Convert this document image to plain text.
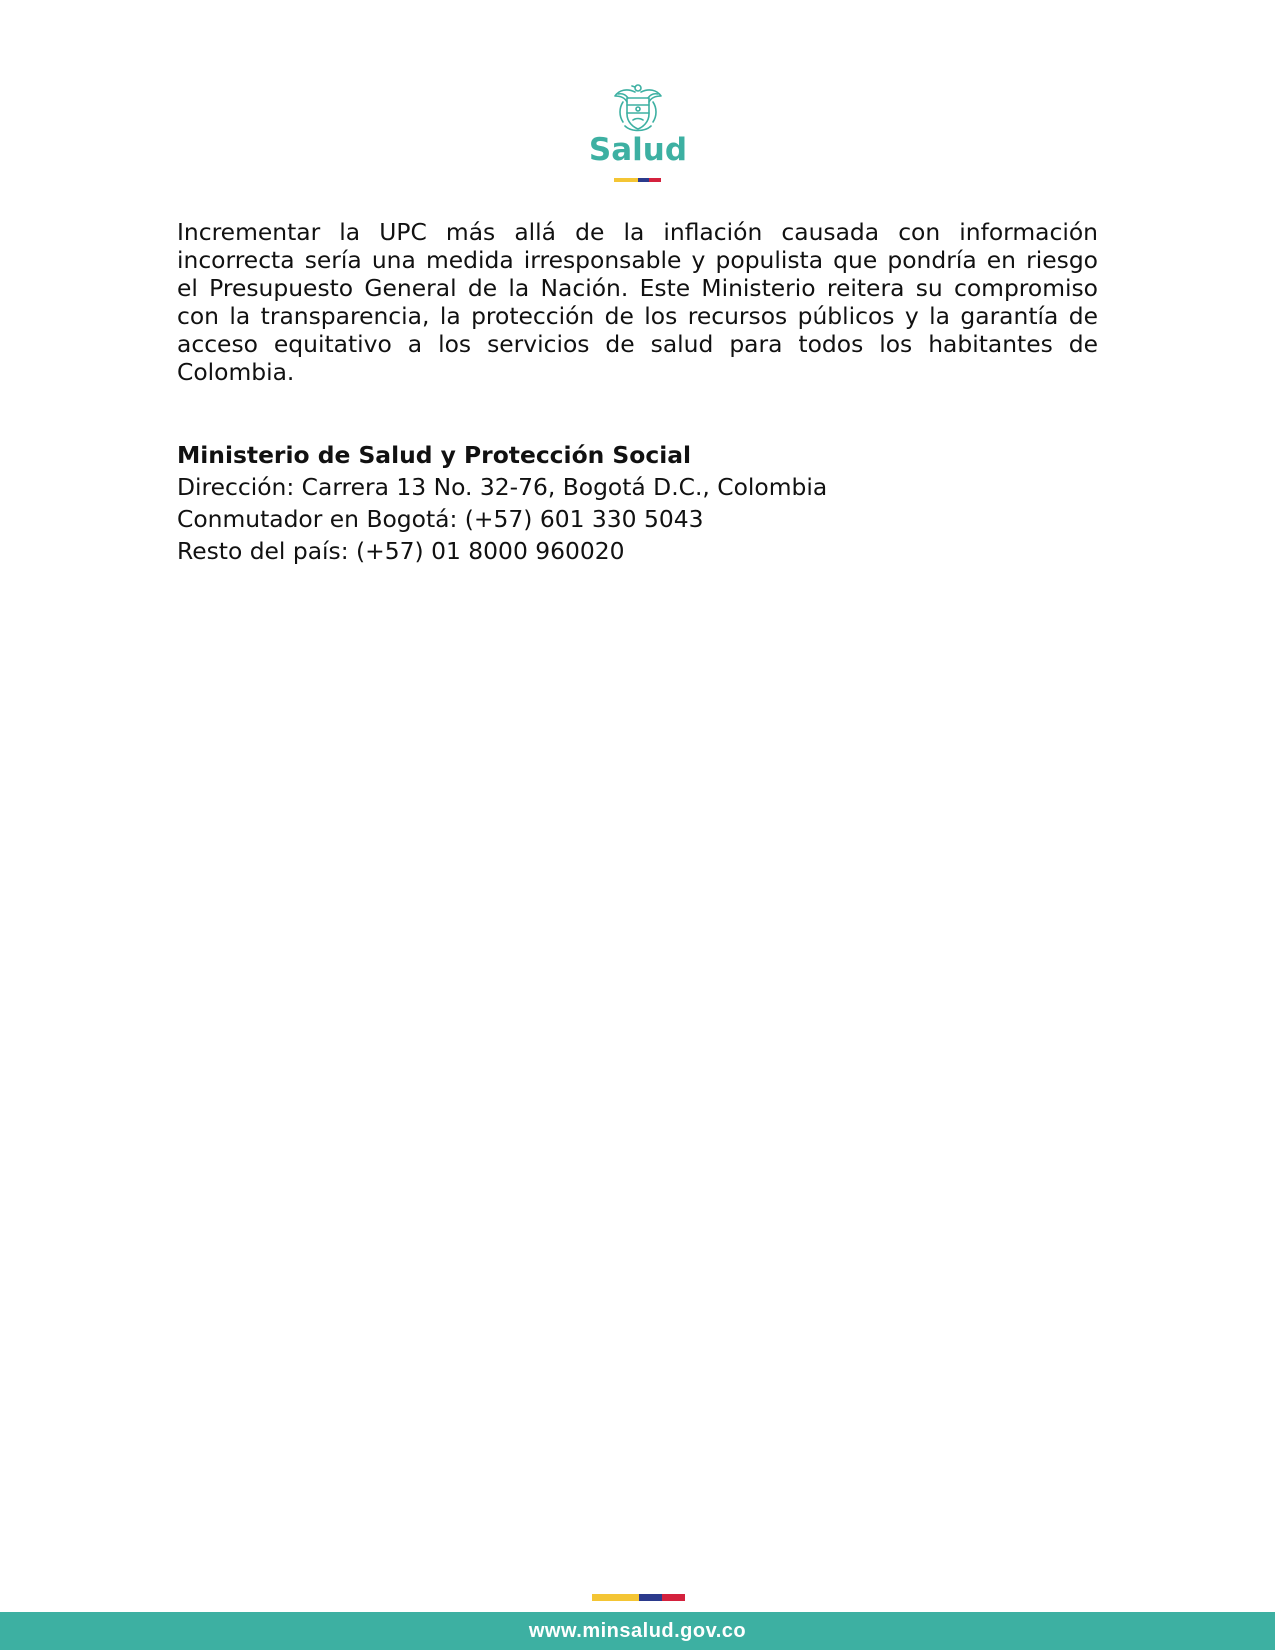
Salud

Incrementar la UPC más allá de la inflación causada con información incorrecta sería una medida irresponsable y populista que pondría en riesgo el Presupuesto General de la Nación. Este Ministerio reitera su compromiso con la transparencia, la protección de los recursos públicos y la garantía de acceso equitativo a los servicios de salud para todos los habitantes de Colombia.

Ministerio de Salud y Protección Social
Dirección: Carrera 13 No. 32-76, Bogotá D.C., Colombia
Conmutador en Bogotá: (+57) 601 330 5043
Resto del país: (+57) 01 8000 960020
www.minsalud.gov.co
